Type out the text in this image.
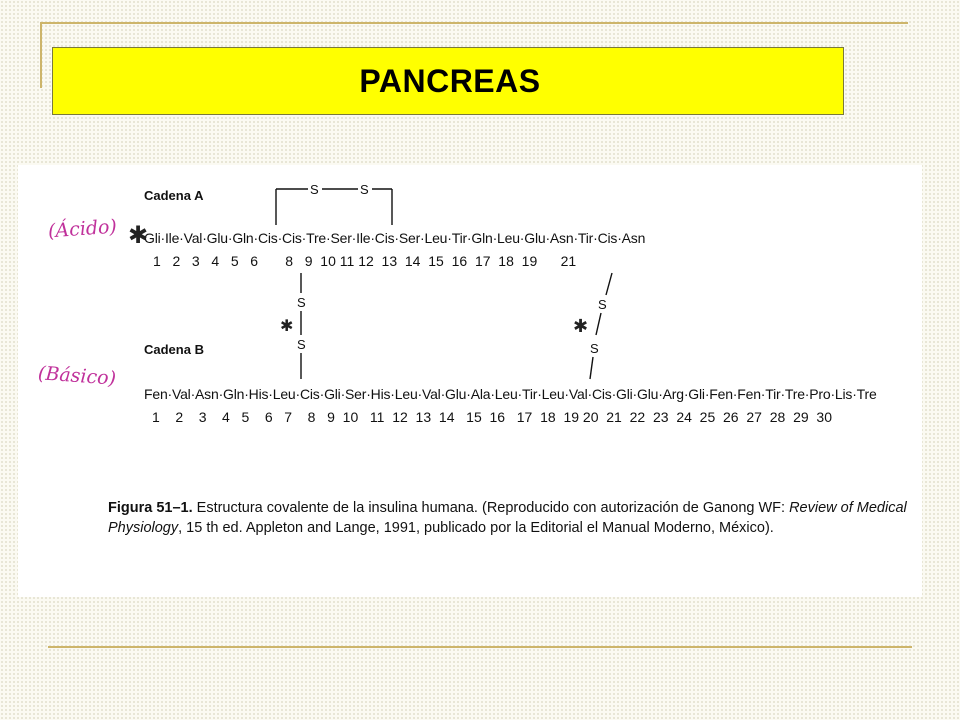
PANCREAS
Cadena A
Gli·Ile·Val·Glu·Gln·Cis·Cis·Tre·Ser·Ile·Cis·Ser·Leu·Tir·Gln·Leu·Glu·Asn·Tir·Cis·Asn
1   2   3   4   5   6       8   9  10 11 12  13  14  15  16  17  18  19      21
Cadena B
Fen·Val·Asn·Gln·His·Leu·Cis·Gli·Ser·His·Leu·Val·Glu·Ala·Leu·Tir·Leu·Val·Cis·Gli·Glu·Arg·Gli·Fen·Fen·Tir·Tre·Pro·Lis·Tre
1    2    3    4   5    6   7    8   9  10   11  12  13  14   15  16   17  18  19 20  21  22  23  24  25  26  27  28  29  30
S	S
S
S
S
S
(Ácido) ✱
(Básico)
✱	✱
Figura 51–1. Estructura covalente de la insulina humana. (Reproducido con autorización de Ganong WF: Review of Medical Physiology, 15 th ed. Appleton and Lange, 1991, publicado por la Editorial el Manual Moderno, México).
